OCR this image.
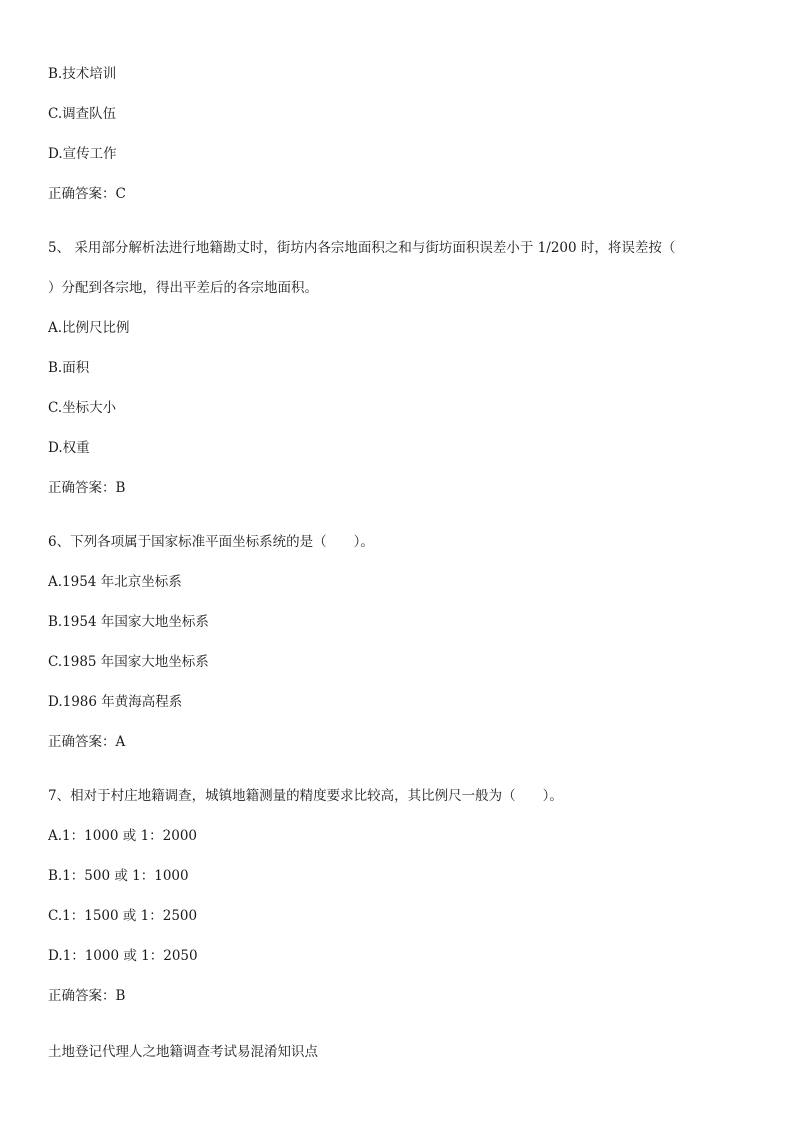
B.技术培训
C.调查队伍
D.宣传工作
正确答案：C
5、 采用部分解析法进行地籍勘丈时，街坊内各宗地面积之和与街坊面积误差小于 1/200 时，将误差按（
）分配到各宗地，得出平差后的各宗地面积。
A.比例尺比例
B.面积
C.坐标大小
D.权重
正确答案：B
6、下列各项属于国家标准平面坐标系统的是（　　）。
A.1954 年北京坐标系
B.1954 年国家大地坐标系
C.1985 年国家大地坐标系
D.1986 年黄海高程系
正确答案：A
7、相对于村庄地籍调查，城镇地籍测量的精度要求比较高，其比例尺一般为（　　）。
A.1：1000 或 1：2000
B.1：500 或 1：1000
C.1：1500 或 1：2500
D.1：1000 或 1：2050
正确答案：B
土地登记代理人之地籍调查考试易混淆知识点
